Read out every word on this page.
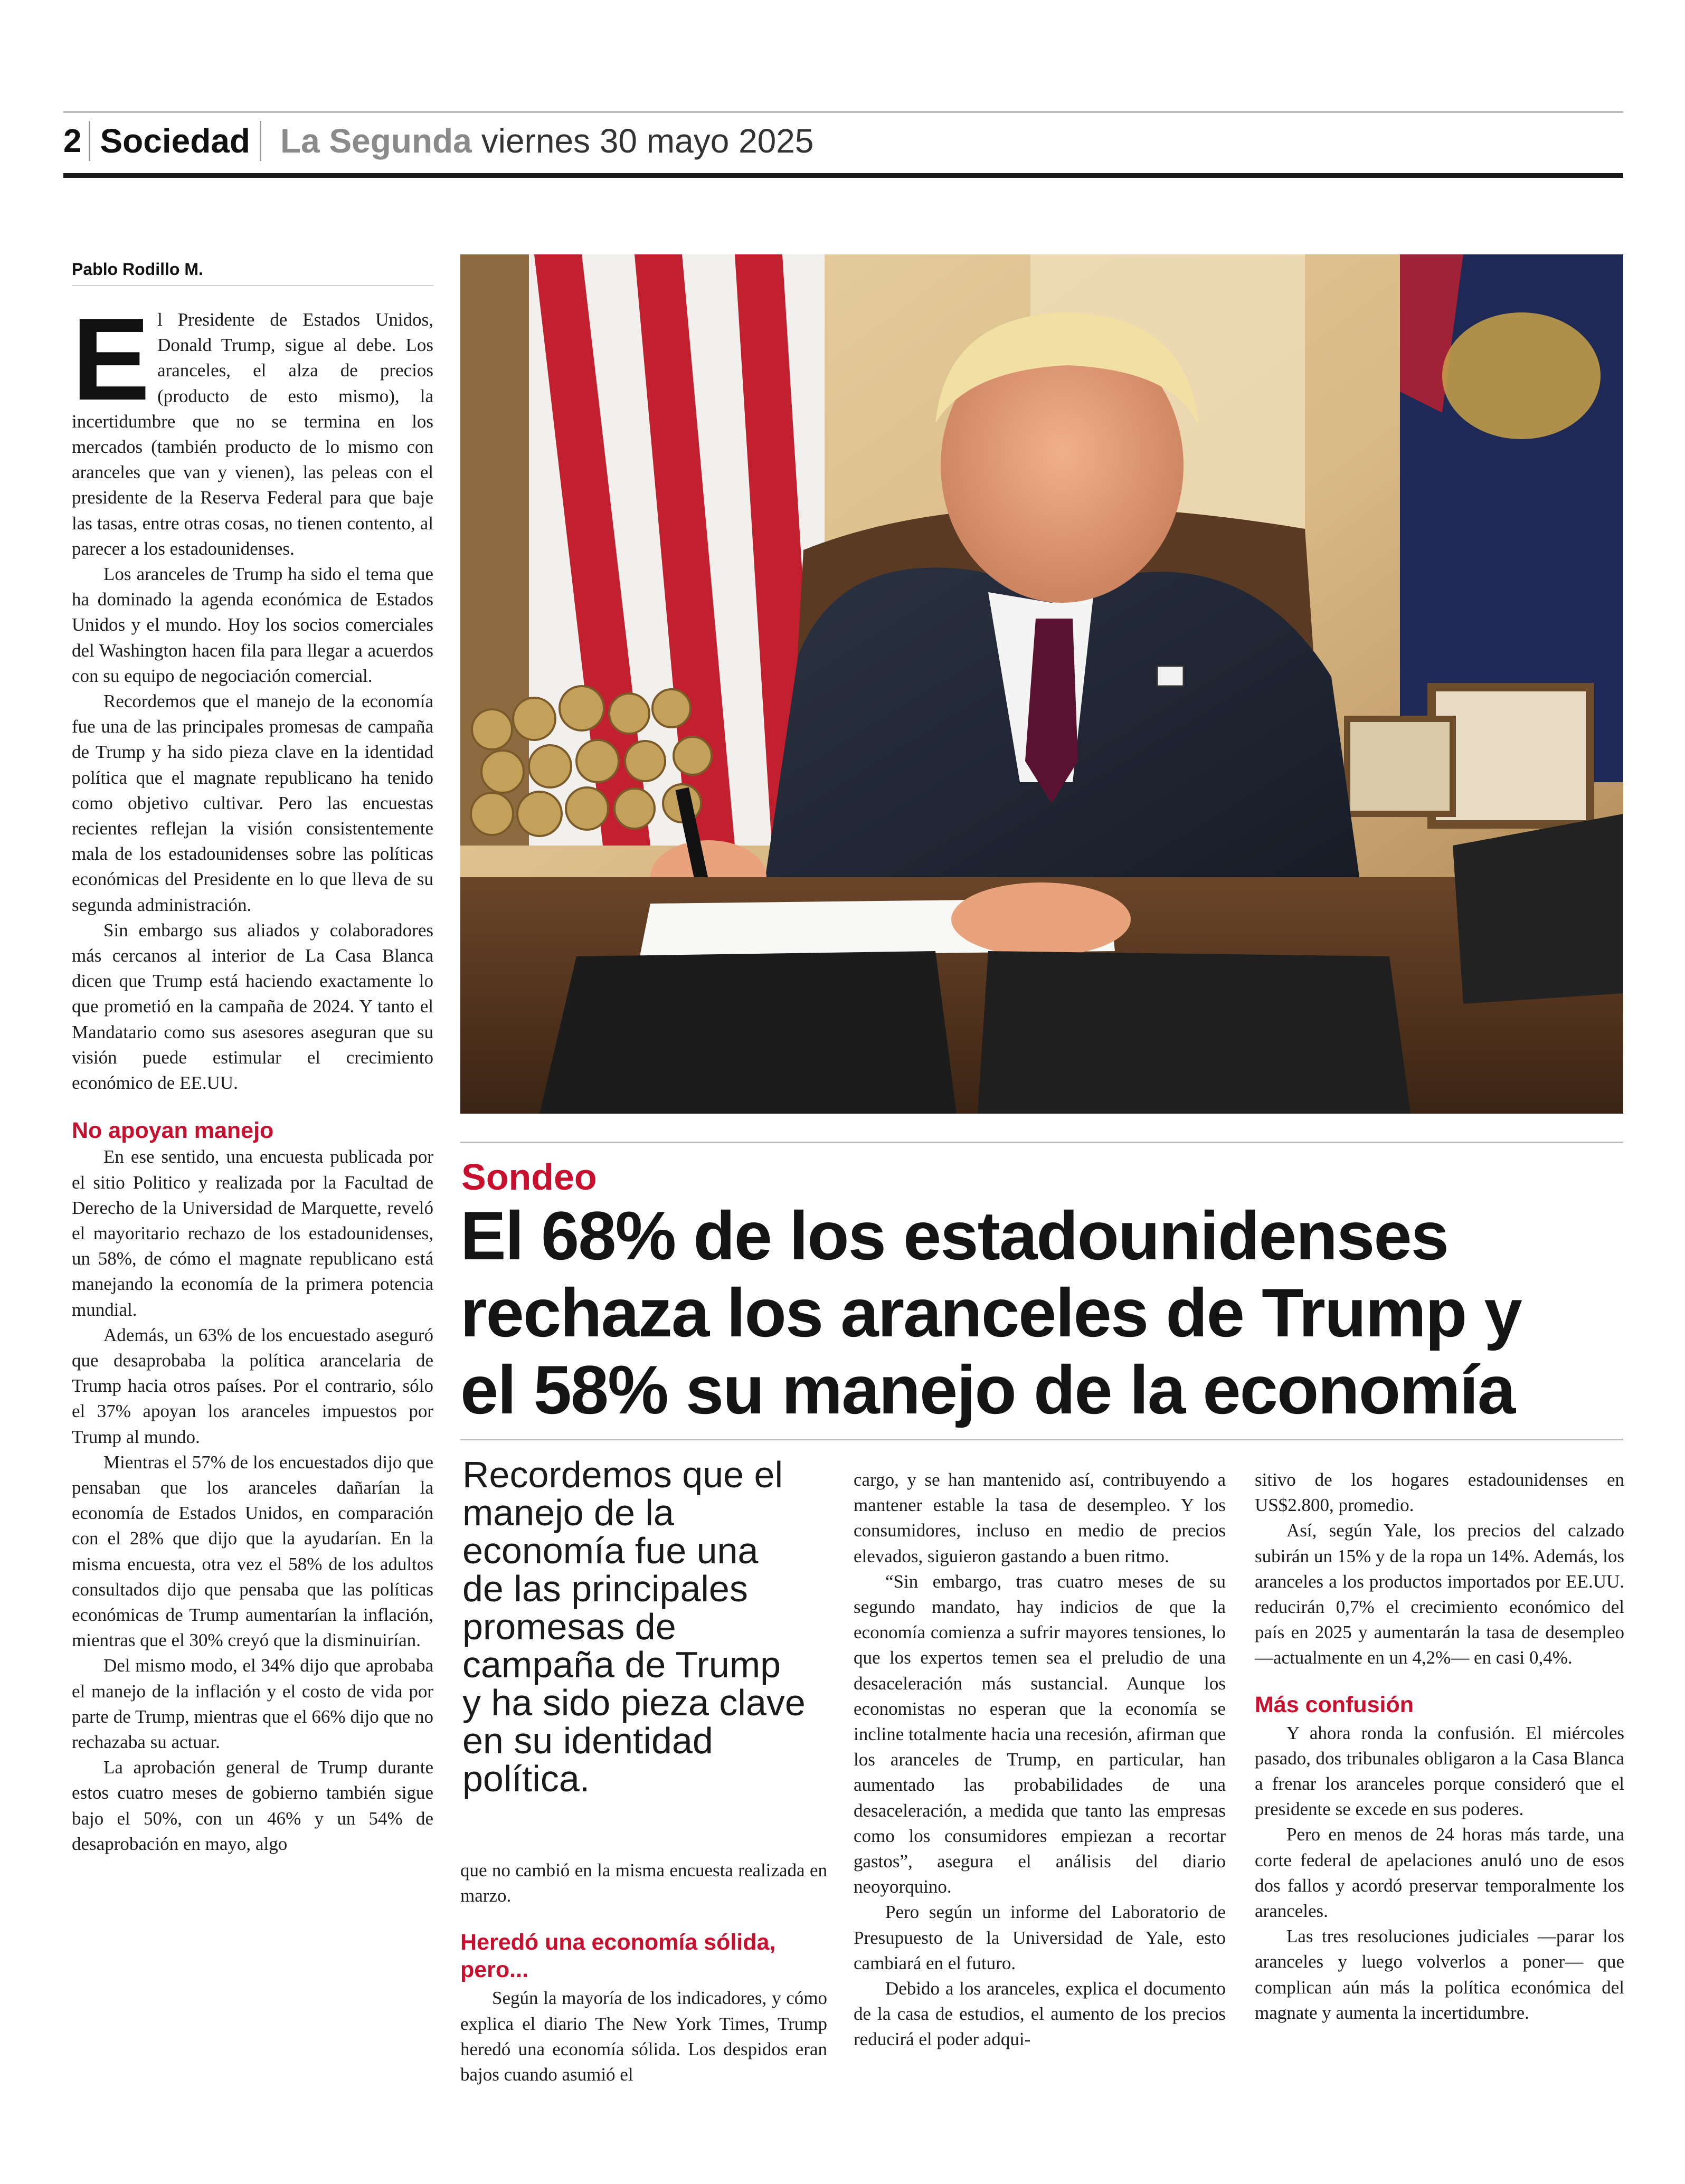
2 Sociedad La Segunda viernes 30 mayo 2025
Pablo Rodillo M.

El Presidente de Estados Unidos, Donald Trump, sigue al debe. Los aranceles, el alza de precios (producto de esto mismo), la incertidumbre que no se termina en los mercados (también producto de lo mismo con aranceles que van y vienen), las peleas con el presidente de la Reserva Federal para que baje las tasas, entre otras cosas, no tienen contento, al parecer a los estadounidenses.

Los aranceles de Trump ha sido el tema que ha dominado la agenda económica de Estados Unidos y el mundo. Hoy los socios comerciales del Washington hacen fila para llegar a acuerdos con su equipo de negociación comercial.

Recordemos que el manejo de la economía fue una de las principales promesas de campaña de Trump y ha sido pieza clave en la identidad política que el magnate republicano ha tenido como objetivo cultivar. Pero las encuestas recientes reflejan la visión consistentemente mala de los estadounidenses sobre las políticas económicas del Presidente en lo que lleva de su segunda administración.

Sin embargo sus aliados y colaboradores más cercanos al interior de La Casa Blanca dicen que Trump está haciendo exactamente lo que prometió en la campaña de 2024. Y tanto el Mandatario como sus asesores aseguran que su visión puede estimular el crecimiento económico de EE.UU.

No apoyan manejo

En ese sentido, una encuesta publicada por el sitio Politico y realizada por la Facultad de Derecho de la Universidad de Marquette, reveló el mayoritario rechazo de los estadounidenses, un 58%, de cómo el magnate republicano está manejando la economía de la primera potencia mundial.

Además, un 63% de los encuestado aseguró que desaprobaba la política arancelaria de Trump hacia otros países. Por el contrario, sólo el 37% apoyan los aranceles impuestos por Trump al mundo.

Mientras el 57% de los encuestados dijo que pensaban que los aranceles dañarían la economía de Estados Unidos, en comparación con el 28% que dijo que la ayudarían. En la misma encuesta, otra vez el 58% de los adultos consultados dijo que pensaba que las políticas económicas de Trump aumentarían la inflación, mientras que el 30% creyó que la disminuirían.

Del mismo modo, el 34% dijo que aprobaba el manejo de la inflación y el costo de vida por parte de Trump, mientras que el 66% dijo que no rechazaba su actuar.

La aprobación general de Trump durante estos cuatro meses de gobierno también sigue bajo el 50%, con un 46% y un 54% de desaprobación en mayo, algo

Sondeo
El 68% de los estadounidenses
rechaza los aranceles de Trump y
el 58% su manejo de la economía
Recordemos que el
manejo de la
economía fue una
de las principales
promesas de
campaña de Trump
y ha sido pieza clave
en su identidad
política.

que no cambió en la misma encuesta realizada en marzo.

Heredó una economía sólida, pero...

Según la mayoría de los indicadores, y cómo explica el diario The New York Times, Trump heredó una economía sólida. Los despidos eran bajos cuando asumió el

cargo, y se han mantenido así, contribuyendo a mantener estable la tasa de desempleo. Y los consumidores, incluso en medio de precios elevados, siguieron gastando a buen ritmo.

“Sin embargo, tras cuatro meses de su segundo mandato, hay indicios de que la economía comienza a sufrir mayores tensiones, lo que los expertos temen sea el preludio de una desaceleración más sustancial. Aunque los economistas no esperan que la economía se incline totalmente hacia una recesión, afirman que los aranceles de Trump, en particular, han aumentado las probabilidades de una desaceleración, a medida que tanto las empresas como los consumidores empiezan a recortar gastos”, asegura el análisis del diario neoyorquino.

Pero según un informe del Laboratorio de Presupuesto de la Universidad de Yale, esto cambiará en el futuro.

Debido a los aranceles, explica el documento de la casa de estudios, el aumento de los precios reducirá el poder adqui-

sitivo de los hogares estadounidenses en US$2.800, promedio.

Así, según Yale, los precios del calzado subirán un 15% y de la ropa un 14%. Además, los aranceles a los productos importados por EE.UU. reducirán 0,7% el crecimiento económico del país en 2025 y aumentarán la tasa de desempleo —actualmente en un 4,2%— en casi 0,4%.

Más confusión

Y ahora ronda la confusión. El miércoles pasado, dos tribunales obligaron a la Casa Blanca a frenar los aranceles porque consideró que el presidente se excede en sus poderes.

Pero en menos de 24 horas más tarde, una corte federal de apelaciones anuló uno de esos dos fallos y acordó preservar temporalmente los aranceles.

Las tres resoluciones judiciales —parar los aranceles y luego volverlos a poner— que complican aún más la política económica del magnate y aumenta la incertidumbre.
